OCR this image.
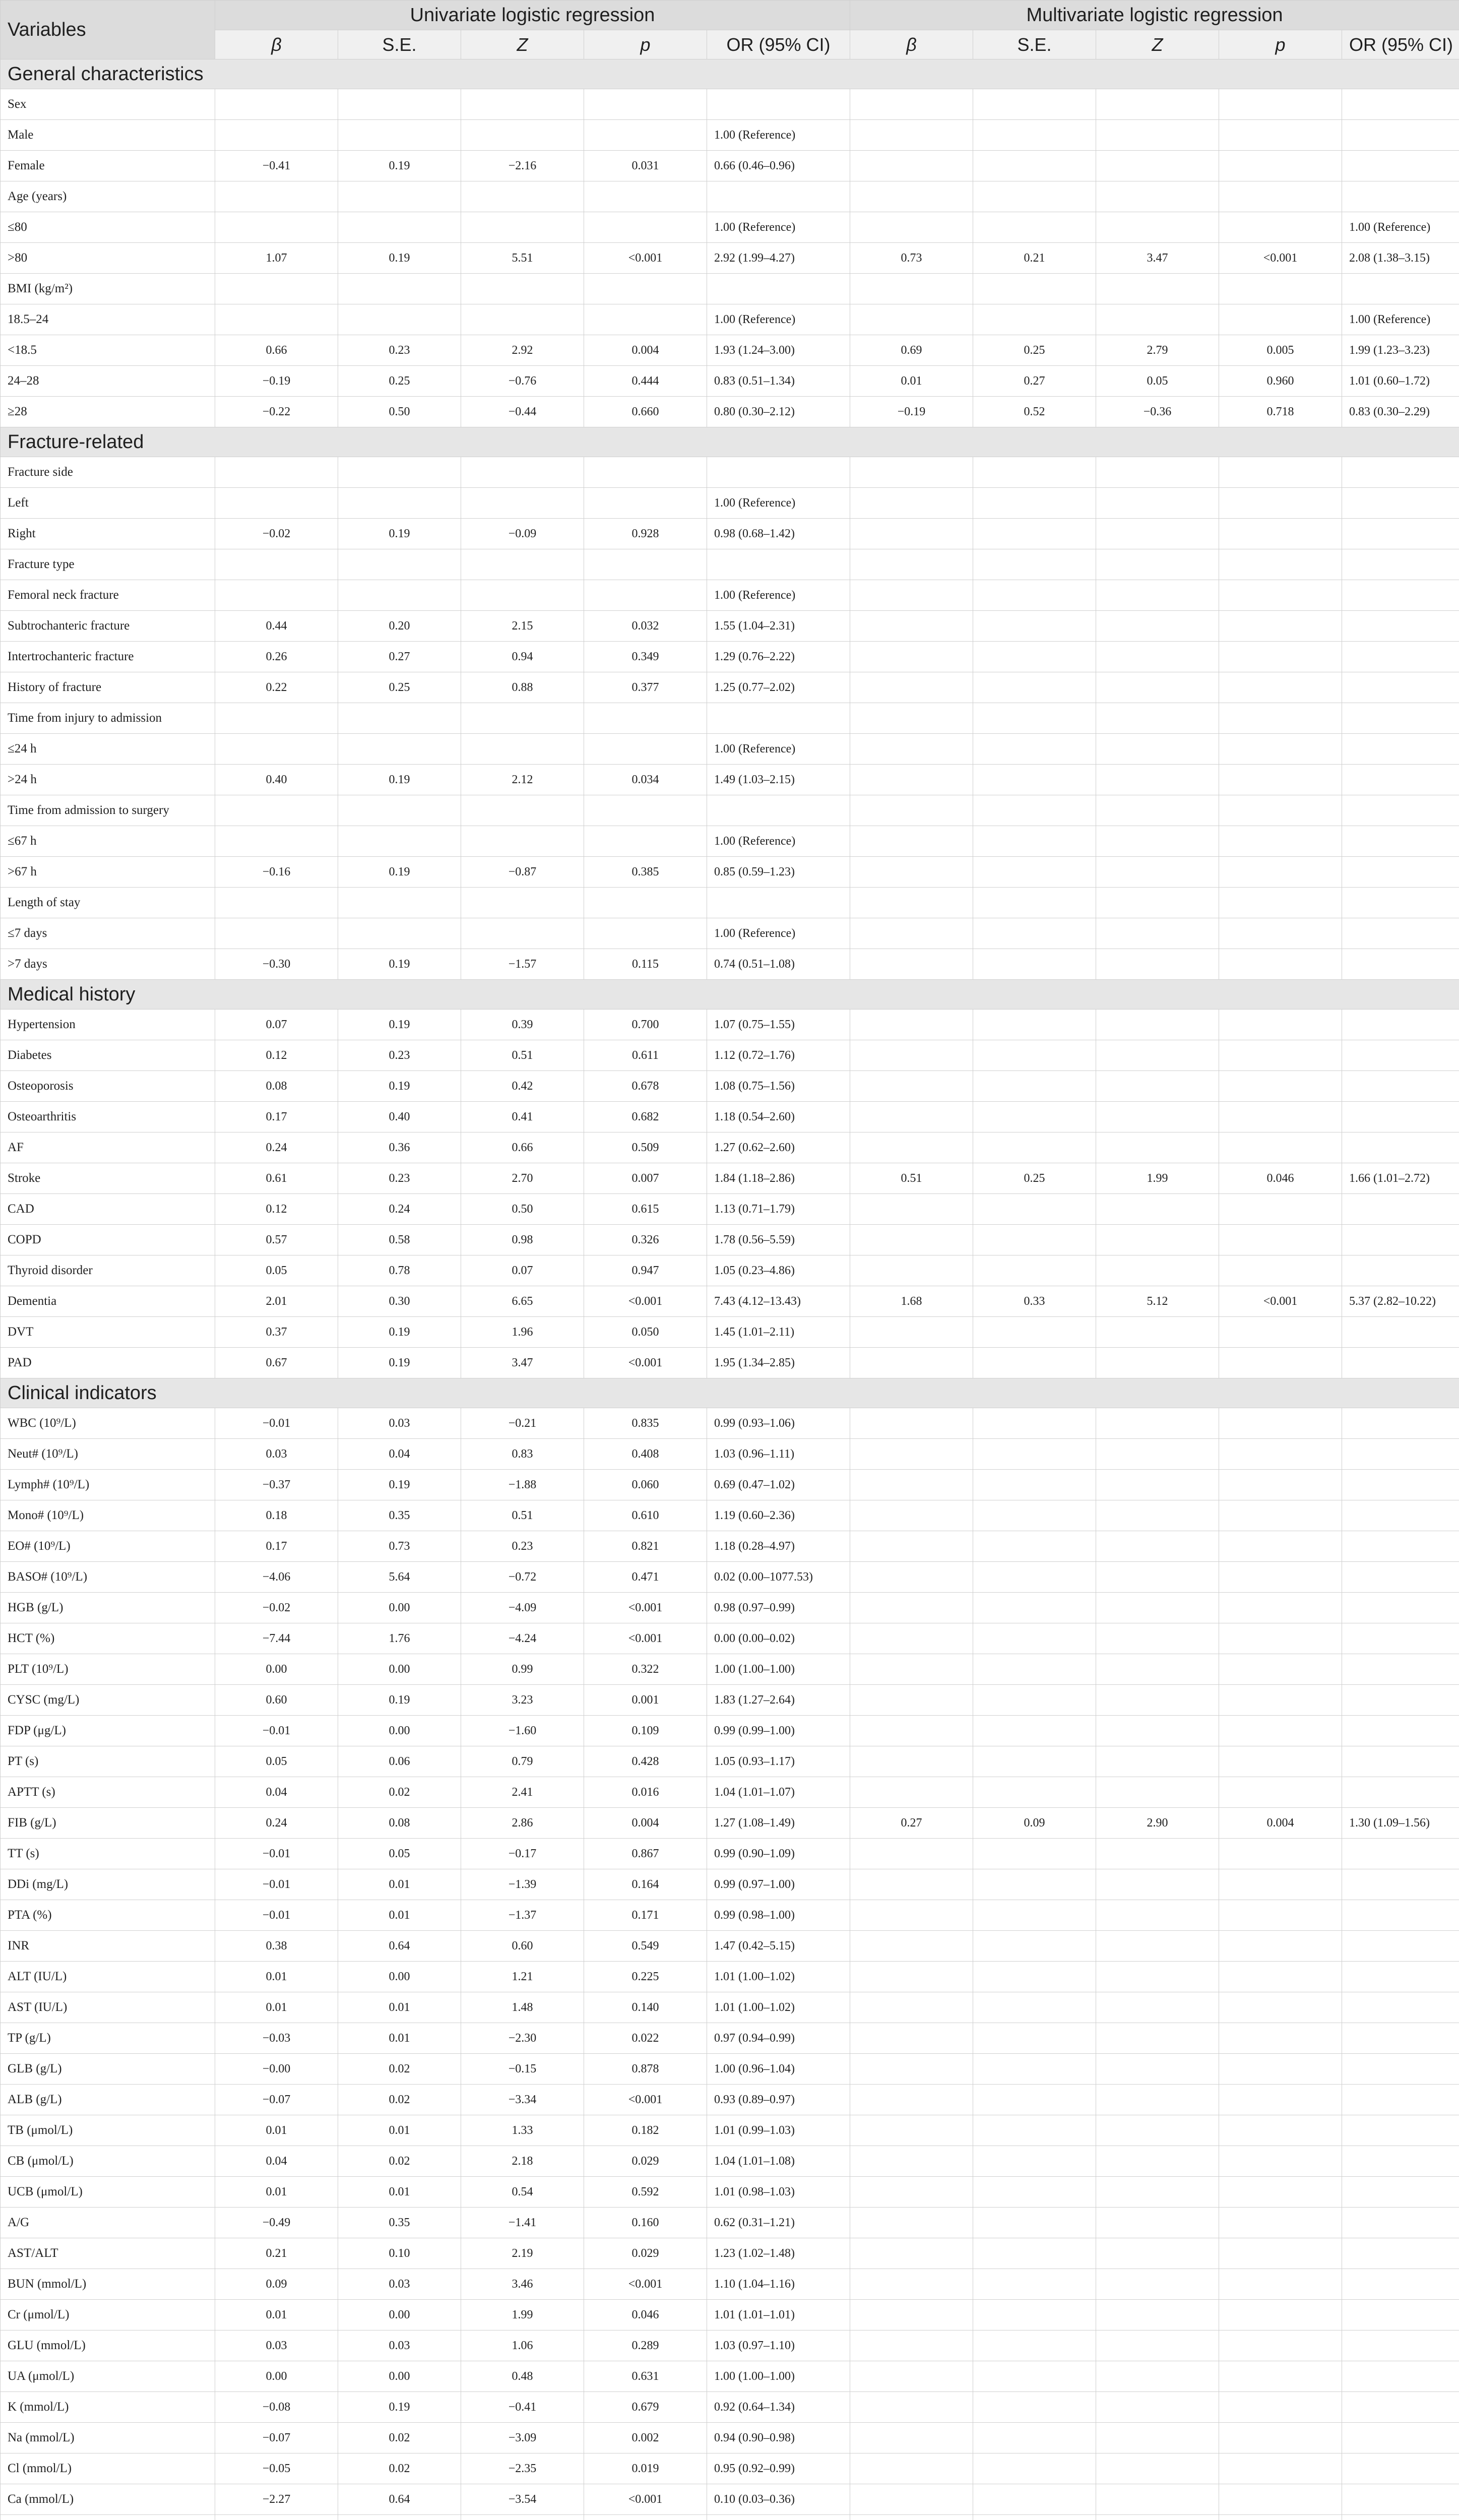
Variables	Univariate logistic regression					Multivariate logistic regression				
	β	S.E.	Z	p	OR (95% CI)	β	S.E.	Z	p	OR (95% CI)
General characteristics										
Sex										
Male					1.00 (Reference)					
Female	−0.41	0.19	−2.16	0.031	0.66 (0.46–0.96)					
Age (years)										
≤80					1.00 (Reference)					1.00 (Reference)
>80	1.07	0.19	5.51	<0.001	2.92 (1.99–4.27)	0.73	0.21	3.47	<0.001	2.08 (1.38–3.15)
BMI (kg/m²)										
18.5–24					1.00 (Reference)					1.00 (Reference)
<18.5	0.66	0.23	2.92	0.004	1.93 (1.24–3.00)	0.69	0.25	2.79	0.005	1.99 (1.23–3.23)
24–28	−0.19	0.25	−0.76	0.444	0.83 (0.51–1.34)	0.01	0.27	0.05	0.960	1.01 (0.60–1.72)
≥28	−0.22	0.50	−0.44	0.660	0.80 (0.30–2.12)	−0.19	0.52	−0.36	0.718	0.83 (0.30–2.29)
Fracture-related										
Fracture side										
Left					1.00 (Reference)					
Right	−0.02	0.19	−0.09	0.928	0.98 (0.68–1.42)					
Fracture type										
Femoral neck fracture					1.00 (Reference)					
Subtrochanteric fracture	0.44	0.20	2.15	0.032	1.55 (1.04–2.31)					
Intertrochanteric fracture	0.26	0.27	0.94	0.349	1.29 (0.76–2.22)					
History of fracture	0.22	0.25	0.88	0.377	1.25 (0.77–2.02)					
Time from injury to admission										
≤24 h					1.00 (Reference)					
>24 h	0.40	0.19	2.12	0.034	1.49 (1.03–2.15)					
Time from admission to surgery										
≤67 h					1.00 (Reference)					
>67 h	−0.16	0.19	−0.87	0.385	0.85 (0.59–1.23)					
Length of stay										
≤7 days					1.00 (Reference)					
>7 days	−0.30	0.19	−1.57	0.115	0.74 (0.51–1.08)					
Medical history										
Hypertension	0.07	0.19	0.39	0.700	1.07 (0.75–1.55)					
Diabetes	0.12	0.23	0.51	0.611	1.12 (0.72–1.76)					
Osteoporosis	0.08	0.19	0.42	0.678	1.08 (0.75–1.56)					
Osteoarthritis	0.17	0.40	0.41	0.682	1.18 (0.54–2.60)					
AF	0.24	0.36	0.66	0.509	1.27 (0.62–2.60)					
Stroke	0.61	0.23	2.70	0.007	1.84 (1.18–2.86)	0.51	0.25	1.99	0.046	1.66 (1.01–2.72)
CAD	0.12	0.24	0.50	0.615	1.13 (0.71–1.79)					
COPD	0.57	0.58	0.98	0.326	1.78 (0.56–5.59)					
Thyroid disorder	0.05	0.78	0.07	0.947	1.05 (0.23–4.86)					
Dementia	2.01	0.30	6.65	<0.001	7.43 (4.12–13.43)	1.68	0.33	5.12	<0.001	5.37 (2.82–10.22)
DVT	0.37	0.19	1.96	0.050	1.45 (1.01–2.11)					
PAD	0.67	0.19	3.47	<0.001	1.95 (1.34–2.85)					
Clinical indicators										
WBC (10⁹/L)	−0.01	0.03	−0.21	0.835	0.99 (0.93–1.06)					
Neut# (10⁹/L)	0.03	0.04	0.83	0.408	1.03 (0.96–1.11)					
Lymph# (10⁹/L)	−0.37	0.19	−1.88	0.060	0.69 (0.47–1.02)					
Mono# (10⁹/L)	0.18	0.35	0.51	0.610	1.19 (0.60–2.36)					
EO# (10⁹/L)	0.17	0.73	0.23	0.821	1.18 (0.28–4.97)					
BASO# (10⁹/L)	−4.06	5.64	−0.72	0.471	0.02 (0.00–1077.53)					
HGB (g/L)	−0.02	0.00	−4.09	<0.001	0.98 (0.97–0.99)					
HCT (%)	−7.44	1.76	−4.24	<0.001	0.00 (0.00–0.02)					
PLT (10⁹/L)	0.00	0.00	0.99	0.322	1.00 (1.00–1.00)					
CYSC (mg/L)	0.60	0.19	3.23	0.001	1.83 (1.27–2.64)					
FDP (μg/L)	−0.01	0.00	−1.60	0.109	0.99 (0.99–1.00)					
PT (s)	0.05	0.06	0.79	0.428	1.05 (0.93–1.17)					
APTT (s)	0.04	0.02	2.41	0.016	1.04 (1.01–1.07)					
FIB (g/L)	0.24	0.08	2.86	0.004	1.27 (1.08–1.49)	0.27	0.09	2.90	0.004	1.30 (1.09–1.56)
TT (s)	−0.01	0.05	−0.17	0.867	0.99 (0.90–1.09)					
DDi (mg/L)	−0.01	0.01	−1.39	0.164	0.99 (0.97–1.00)					
PTA (%)	−0.01	0.01	−1.37	0.171	0.99 (0.98–1.00)					
INR	0.38	0.64	0.60	0.549	1.47 (0.42–5.15)					
ALT (IU/L)	0.01	0.00	1.21	0.225	1.01 (1.00–1.02)					
AST (IU/L)	0.01	0.01	1.48	0.140	1.01 (1.00–1.02)					
TP (g/L)	−0.03	0.01	−2.30	0.022	0.97 (0.94–0.99)					
GLB (g/L)	−0.00	0.02	−0.15	0.878	1.00 (0.96–1.04)					
ALB (g/L)	−0.07	0.02	−3.34	<0.001	0.93 (0.89–0.97)					
TB (μmol/L)	0.01	0.01	1.33	0.182	1.01 (0.99–1.03)					
CB (μmol/L)	0.04	0.02	2.18	0.029	1.04 (1.01–1.08)					
UCB (μmol/L)	0.01	0.01	0.54	0.592	1.01 (0.98–1.03)					
A/G	−0.49	0.35	−1.41	0.160	0.62 (0.31–1.21)					
AST/ALT	0.21	0.10	2.19	0.029	1.23 (1.02–1.48)					
BUN (mmol/L)	0.09	0.03	3.46	<0.001	1.10 (1.04–1.16)					
Cr (μmol/L)	0.01	0.00	1.99	0.046	1.01 (1.01–1.01)					
GLU (mmol/L)	0.03	0.03	1.06	0.289	1.03 (0.97–1.10)					
UA (μmol/L)	0.00	0.00	0.48	0.631	1.00 (1.00–1.00)					
K (mmol/L)	−0.08	0.19	−0.41	0.679	0.92 (0.64–1.34)					
Na (mmol/L)	−0.07	0.02	−3.09	0.002	0.94 (0.90–0.98)					
Cl (mmol/L)	−0.05	0.02	−2.35	0.019	0.95 (0.92–0.99)					
Ca (mmol/L)	−2.27	0.64	−3.54	<0.001	0.10 (0.03–0.36)					
